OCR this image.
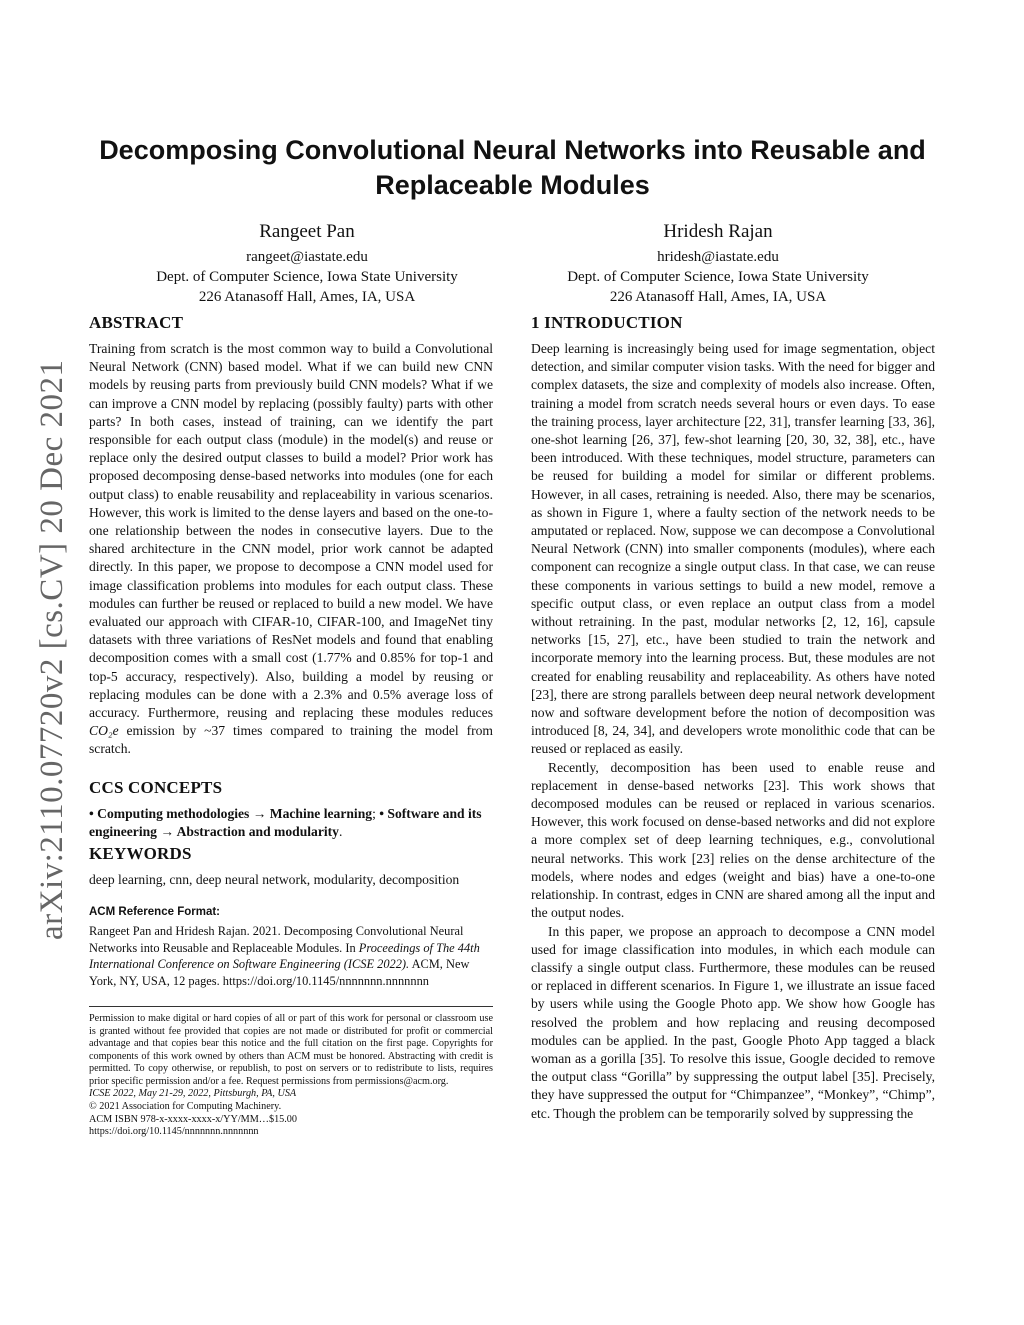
arXiv:2110.07720v2 [cs.CV] 20 Dec 2021
Decomposing Convolutional Neural Networks into Reusable and Replaceable Modules
Rangeet Pan
rangeet@iastate.edu
Dept. of Computer Science, Iowa State University
226 Atanasoff Hall, Ames, IA, USA
Hridesh Rajan
hridesh@iastate.edu
Dept. of Computer Science, Iowa State University
226 Atanasoff Hall, Ames, IA, USA
ABSTRACT

Training from scratch is the most common way to build a Convolutional Neural Network (CNN) based model. What if we can build new CNN models by reusing parts from previously build CNN models? What if we can improve a CNN model by replacing (possibly faulty) parts with other parts? In both cases, instead of training, can we identify the part responsible for each output class (module) in the model(s) and reuse or replace only the desired output classes to build a model? Prior work has proposed decomposing dense-based networks into modules (one for each output class) to enable reusability and replaceability in various scenarios. However, this work is limited to the dense layers and based on the one-to-one relationship between the nodes in consecutive layers. Due to the shared architecture in the CNN model, prior work cannot be adapted directly. In this paper, we propose to decompose a CNN model used for image classification problems into modules for each output class. These modules can further be reused or replaced to build a new model. We have evaluated our approach with CIFAR-10, CIFAR-100, and ImageNet tiny datasets with three variations of ResNet models and found that enabling decomposition comes with a small cost (1.77% and 0.85% for top-1 and top-5 accuracy, respectively). Also, building a model by reusing or replacing modules can be done with a 2.3% and 0.5% average loss of accuracy. Furthermore, reusing and replacing these modules reduces CO₂e emission by ~37 times compared to training the model from scratch.

CCS CONCEPTS

• Computing methodologies → Machine learning; • Software and its engineering → Abstraction and modularity.

KEYWORDS

deep learning, cnn, deep neural network, modularity, decomposition

ACM Reference Format:

Rangeet Pan and Hridesh Rajan. 2021. Decomposing Convolutional Neural Networks into Reusable and Replaceable Modules. In Proceedings of The 44th International Conference on Software Engineering (ICSE 2022). ACM, New York, NY, USA, 12 pages. https://doi.org/10.1145/nnnnnnn.nnnnnnn

Permission to make digital or hard copies of all or part of this work for personal or classroom use is granted without fee provided that copies are not made or distributed for profit or commercial advantage and that copies bear this notice and the full citation on the first page. Copyrights for components of this work owned by others than ACM must be honored. Abstracting with credit is permitted. To copy otherwise, or republish, to post on servers or to redistribute to lists, requires prior specific permission and/or a fee. Request permissions from permissions@acm.org.

ICSE 2022, May 21-29, 2022, Pittsburgh, PA, USA

© 2021 Association for Computing Machinery.

ACM ISBN 978-x-xxxx-xxxx-x/YY/MM…$15.00

https://doi.org/10.1145/nnnnnnn.nnnnnnn

1 INTRODUCTION

Deep learning is increasingly being used for image segmentation, object detection, and similar computer vision tasks. With the need for bigger and complex datasets, the size and complexity of models also increase. Often, training a model from scratch needs several hours or even days. To ease the training process, layer architecture [22, 31], transfer learning [33, 36], one-shot learning [26, 37], few-shot learning [20, 30, 32, 38], etc., have been introduced. With these techniques, model structure, parameters can be reused for building a model for similar or different problems. However, in all cases, retraining is needed. Also, there may be scenarios, as shown in Figure 1, where a faulty section of the network needs to be amputated or replaced. Now, suppose we can decompose a Convolutional Neural Network (CNN) into smaller components (modules), where each component can recognize a single output class. In that case, we can reuse these components in various settings to build a new model, remove a specific output class, or even replace an output class from a model without retraining. In the past, modular networks [2, 12, 16], capsule networks [15, 27], etc., have been studied to train the network and incorporate memory into the learning process. But, these modules are not created for enabling reusability and replaceability. As others have noted [23], there are strong parallels between deep neural network development now and software development before the notion of decomposition was introduced [8, 24, 34], and developers wrote monolithic code that can be reused or replaced as easily.

Recently, decomposition has been used to enable reuse and replacement in dense-based networks [23]. This work shows that decomposed modules can be reused or replaced in various scenarios. However, this work focused on dense-based networks and did not explore a more complex set of deep learning techniques, e.g., convolutional neural networks. This work [23] relies on the dense architecture of the models, where nodes and edges (weight and bias) have a one-to-one relationship. In contrast, edges in CNN are shared among all the input and the output nodes.

In this paper, we propose an approach to decompose a CNN model used for image classification into modules, in which each module can classify a single output class. Furthermore, these modules can be reused or replaced in different scenarios. In Figure 1, we illustrate an issue faced by users while using the Google Photo app. We show how Google has resolved the problem and how replacing and reusing decomposed modules can be applied. In the past, Google Photo App tagged a black woman as a gorilla [35]. To resolve this issue, Google decided to remove the output class “Gorilla” by suppressing the output label [35]. Precisely, they have suppressed the output for “Chimpanzee”, “Monkey”, “Chimp”, etc. Though the problem can be temporarily solved by suppressing the
